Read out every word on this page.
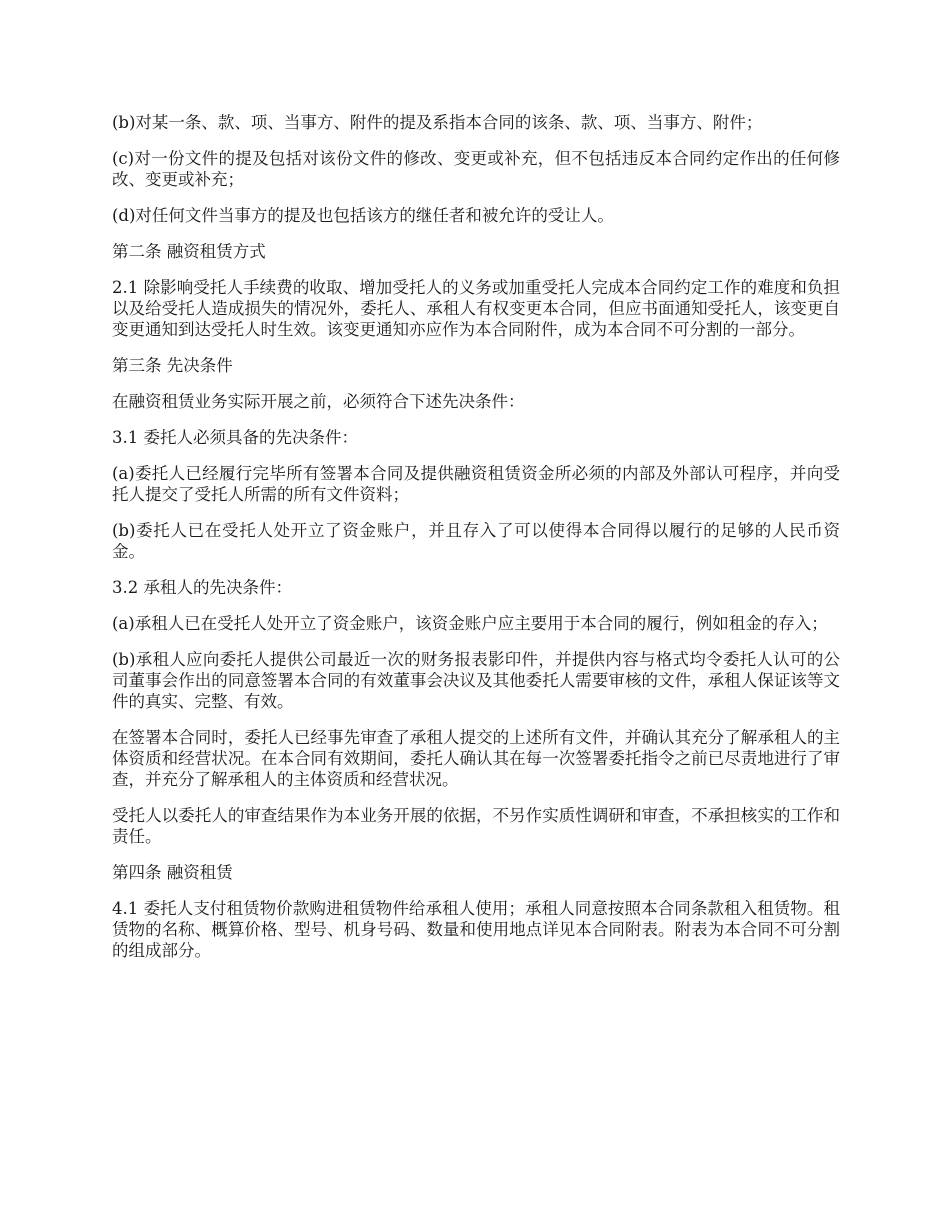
(b)对某一条、款、项、当事方、附件的提及系指本合同的该条、款、项、当事方、附件；

(c)对一份文件的提及包括对该份文件的修改、变更或补充，但不包括违反本合同约定作出的任何修改、变更或补充；

(d)对任何文件当事方的提及也包括该方的继任者和被允许的受让人。

第二条 融资租赁方式

2.1 除影响受托人手续费的收取、增加受托人的义务或加重受托人完成本合同约定工作的难度和负担以及给受托人造成损失的情况外，委托人、承租人有权变更本合同，但应书面通知受托人，该变更自变更通知到达受托人时生效。该变更通知亦应作为本合同附件，成为本合同不可分割的一部分。

第三条 先决条件

在融资租赁业务实际开展之前，必须符合下述先决条件：

3.1 委托人必须具备的先决条件：

(a)委托人已经履行完毕所有签署本合同及提供融资租赁资金所必须的内部及外部认可程序，并向受托人提交了受托人所需的所有文件资料；

(b)委托人已在受托人处开立了资金账户，并且存入了可以使得本合同得以履行的足够的人民币资金。

3.2 承租人的先决条件：

(a)承租人已在受托人处开立了资金账户，该资金账户应主要用于本合同的履行，例如租金的存入；

(b)承租人应向委托人提供公司最近一次的财务报表影印件，并提供内容与格式均令委托人认可的公司董事会作出的同意签署本合同的有效董事会决议及其他委托人需要审核的文件，承租人保证该等文件的真实、完整、有效。

在签署本合同时，委托人已经事先审查了承租人提交的上述所有文件，并确认其充分了解承租人的主体资质和经营状况。在本合同有效期间，委托人确认其在每一次签署委托指令之前已尽责地进行了审查，并充分了解承租人的主体资质和经营状况。

受托人以委托人的审查结果作为本业务开展的依据，不另作实质性调研和审查，不承担核实的工作和责任。

第四条 融资租赁

4.1 委托人支付租赁物价款购进租赁物件给承租人使用；承租人同意按照本合同条款租入租赁物。租赁物的名称、概算价格、型号、机身号码、数量和使用地点详见本合同附表。附表为本合同不可分割的组成部分。
